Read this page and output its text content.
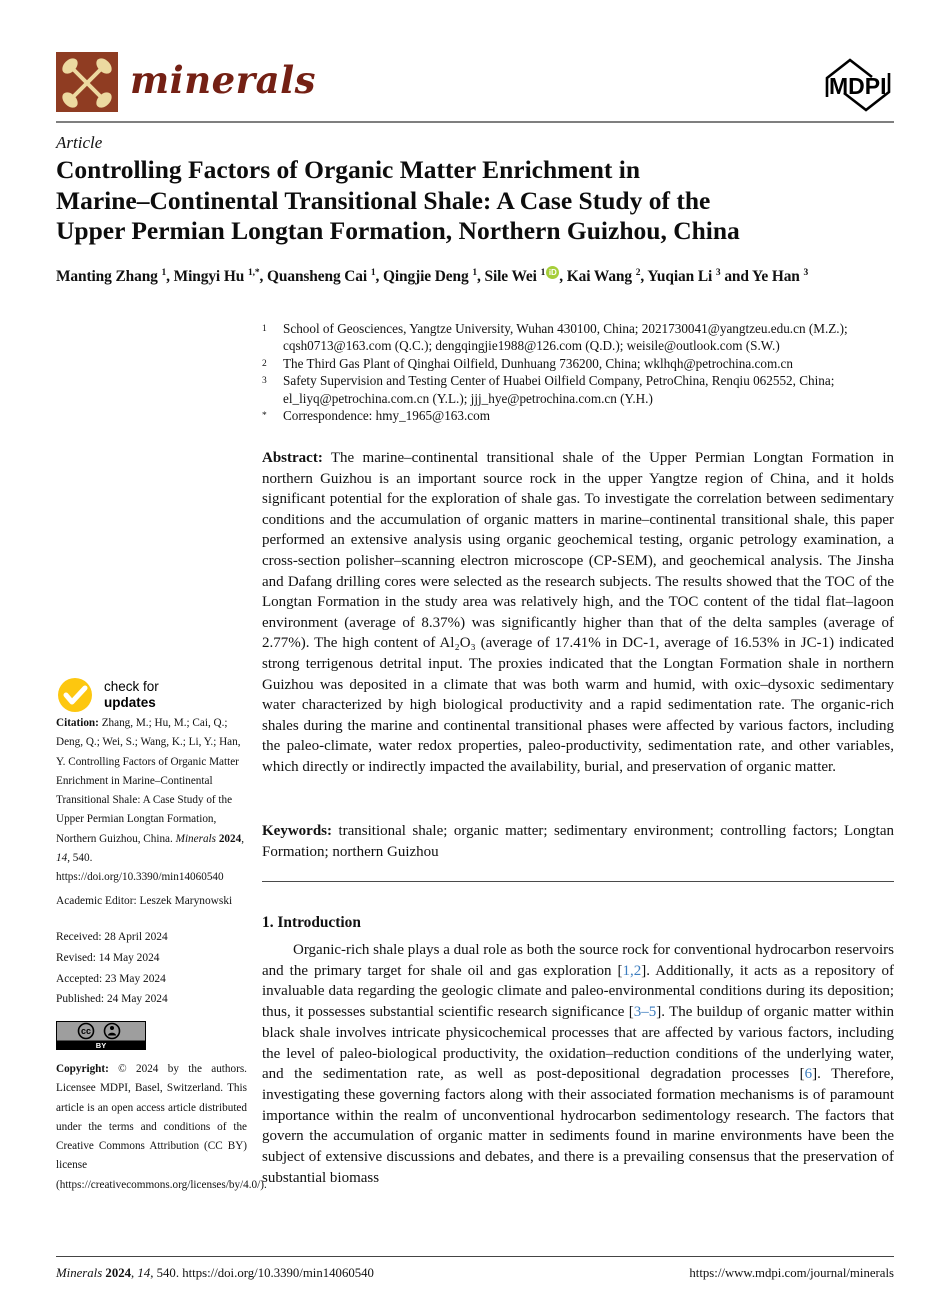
minerals	MDPI
Article
Controlling Factors of Organic Matter Enrichment in
Marine–Continental Transitional Shale: A Case Study of the
Upper Permian Longtan Formation, Northern Guizhou, China
Manting Zhang $^1$, Mingyi Hu $^{1,*}$, Quansheng Cai $^1$, Qingjie Deng $^1$, Sile Wei $^1$ iD , Kai Wang $^2$, Yuqian Li $^3$ and Ye Han $^3$
1	School of Geosciences, Yangtze University, Wuhan 430100, China; 2021730041@yangtzeu.edu.cn (M.Z.); cqsh0713@163.com (Q.C.); dengqingjie1988@126.com (Q.D.); weisile@outlook.com (S.W.)
2	The Third Gas Plant of Qinghai Oilfield, Dunhuang 736200, China; wklhqh@petrochina.com.cn
3	Safety Supervision and Testing Center of Huabei Oilfield Company, PetroChina, Renqiu 062552, China; el_liyq@petrochina.com.cn (Y.L.); jjj_hye@petrochina.com.cn (Y.H.)
*	Correspondence: hmy_1965@163.com
Abstract: The marine–continental transitional shale of the Upper Permian Longtan Formation in northern Guizhou is an important source rock in the upper Yangtze region of China, and it holds significant potential for the exploration of shale gas. To investigate the correlation between sedimentary conditions and the accumulation of organic matters in marine–continental transitional shale, this paper performed an extensive analysis using organic geochemical testing, organic petrology examination, a cross-section polisher–scanning electron microscope (CP-SEM), and geochemical analysis. The Jinsha and Dafang drilling cores were selected as the research subjects. The results showed that the TOC of the Longtan Formation in the study area was relatively high, and the TOC content of the tidal flat–lagoon environment (average of 8.37%) was significantly higher than that of the delta samples (average of 2.77%). The high content of Al₂O₃ (average of 17.41% in DC-1, average of 16.53% in JC-1) indicated strong terrigenous detrital input. The proxies indicated that the Longtan Formation shale in northern Guizhou was deposited in a climate that was both warm and humid, with oxic–dysoxic sedimentary water characterized by high biological productivity and a rapid sedimentation rate. The organic-rich shales during the marine and continental transitional phases were affected by various factors, including the paleo-climate, water redox properties, paleo-productivity, sedimentation rate, and other variables, which directly or indirectly impacted the availability, burial, and preservation of organic matter.
Keywords: transitional shale; organic matter; sedimentary environment; controlling factors; Longtan Formation; northern Guizhou
1. Introduction
Organic-rich shale plays a dual role as both the source rock for conventional hydrocarbon reservoirs and the primary target for shale oil and gas exploration [1,2]. Additionally, it acts as a repository of invaluable data regarding the geologic climate and paleo-environmental conditions during its deposition; thus, it possesses substantial scientific research significance [3–5]. The buildup of organic matter within black shale involves intricate physicochemical processes that are affected by various factors, including the level of paleo-biological productivity, the oxidation–reduction conditions of the underlying water, and the sedimentation rate, as well as post-depositional degradation processes [6]. Therefore, investigating these governing factors along with their associated formation mechanisms is of paramount importance within the realm of unconventional hydrocarbon sedimentology research. The factors that govern the accumulation of organic matter in sediments found in marine environments have been the subject of extensive discussions and debates, and there is a prevailing consensus that the preservation of substantial biomass
check for
updates
Citation: Zhang, M.; Hu, M.; Cai, Q.; Deng, Q.; Wei, S.; Wang, K.; Li, Y.; Han, Y. Controlling Factors of Organic Matter Enrichment in Marine–Continental Transitional Shale: A Case Study of the Upper Permian Longtan Formation, Northern Guizhou, China. Minerals 2024, 14, 540. https://doi.org/10.3390/min14060540
Academic Editor: Leszek Marynowski
Received: 28 April 2024
Revised: 14 May 2024
Accepted: 23 May 2024
Published: 24 May 2024
cc
BY
Copyright: © 2024 by the authors. Licensee MDPI, Basel, Switzerland. This article is an open access article distributed under the terms and conditions of the Creative Commons Attribution (CC BY) license (https://creativecommons.org/licenses/by/4.0/).
Minerals 2024, 14, 540. https://doi.org/10.3390/min14060540	https://www.mdpi.com/journal/minerals
